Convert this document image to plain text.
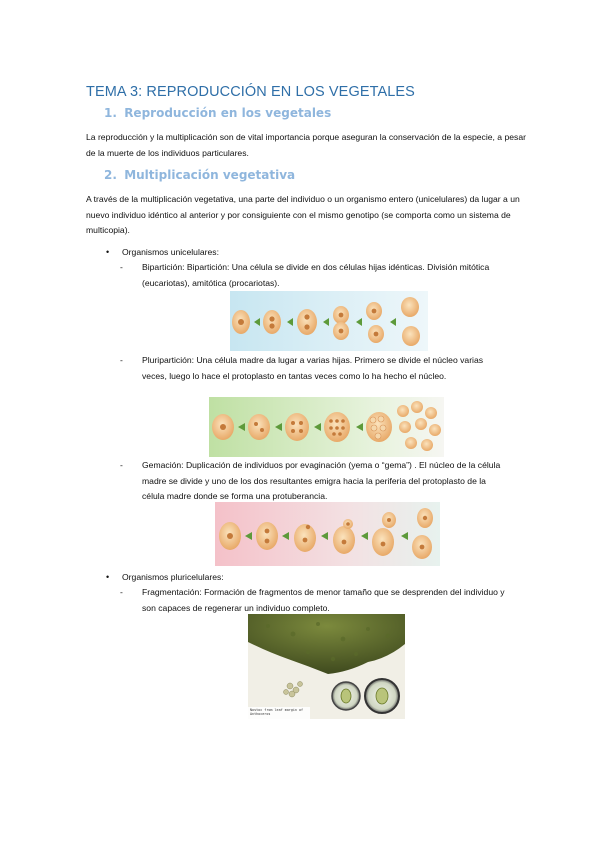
TEMA 3: REPRODUCCIÓN EN LOS VEGETALES
1. Reproducción en los vegetales

La reproducción y la multiplicación son de vital importancia porque aseguran la conservación de la especie, a pesar de la muerte de los individuos particulares.

2. Multiplicación vegetativa

A través de la multiplicación vegetativa, una parte del individuo o un organismo entero (unicelulares) da lugar a un nuevo individuo idéntico al anterior y por consiguiente con el mismo genotipo (se comporta como un sistema de multicopia).

• Organismos unicelulares:
-	Bipartición: Bipartición: Una célula se divide en dos células hijas idénticas. División mitótica (eucariotas), amitótica (procariotas).
-	Pluripartición: Una célula madre da lugar a varias hijas. Primero se divide el núcleo varias veces, luego lo hace el protoplasto en tantas veces como lo ha hecho el núcleo.
-	Gemación: Duplicación de individuos por evaginación (yema o “gema”) . El núcleo de la célula madre se divide y uno de los dos resultantes emigra hacia la periferia del protoplasto de la célula madre donde se forma una protuberancia.
• Organismos pluricelulares:
-	Fragmentación: Formación de fragmentos de menor tamaño que se desprenden del individuo y son capaces de regenerar un individuo completo.
Nostoc from leaf margin of Anthoceros
